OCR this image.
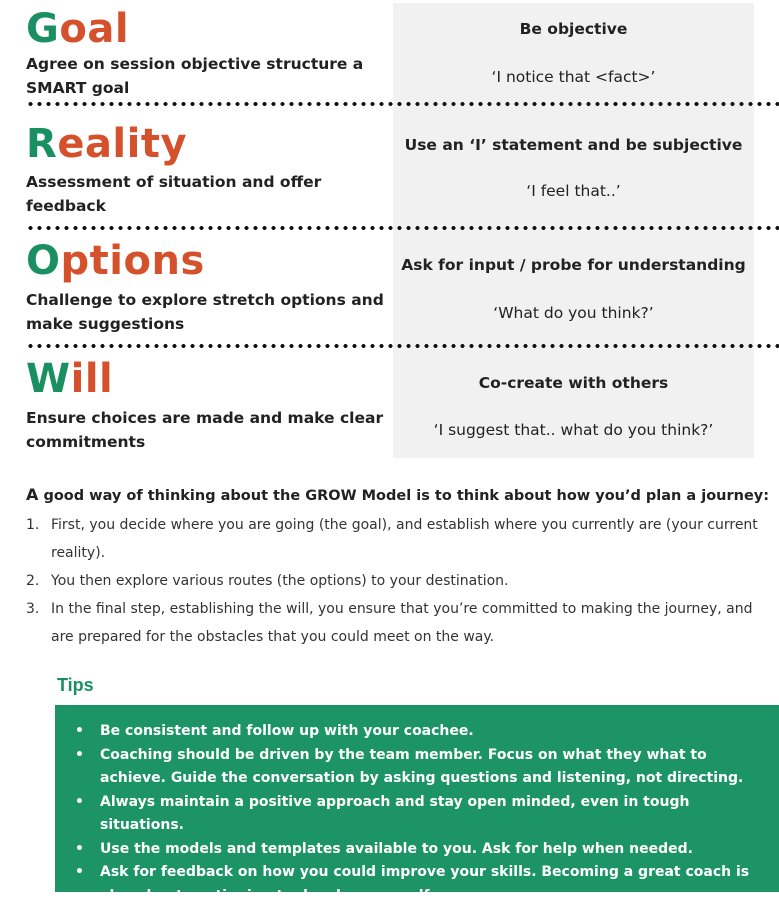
Goal
Agree on session objective structure a SMART goal
Be objective
‘I notice that <fact>’
Reality
Assessment of situation and offer feedback
Use an ‘I’ statement and be subjective
‘I feel that..’
Options
Challenge to explore stretch options and make suggestions
Ask for input / probe for understanding
‘What do you think?’
Will
Ensure choices are made and make clear commitments
Co-create with others
‘I suggest that.. what do you think?’
A good way of thinking about the GROW Model is to think about how you’d plan a journey:
1. First, you decide where you are going (the goal), and establish where you currently are (your current reality).
2. You then explore various routes (the options) to your destination.
3. In the final step, establishing the will, you ensure that you’re committed to making the journey, and are prepared for the obstacles that you could meet on the way.
Tips
• Be consistent and follow up with your coachee.
• Coaching should be driven by the team member. Focus on what they what to achieve. Guide the conversation by asking questions and listening, not directing.
• Always maintain a positive approach and stay open minded, even in tough situations.
• Use the models and templates available to you. Ask for help when needed.
• Ask for feedback on how you could improve your skills. Becoming a great coach is also about continuing to develop yourself.
